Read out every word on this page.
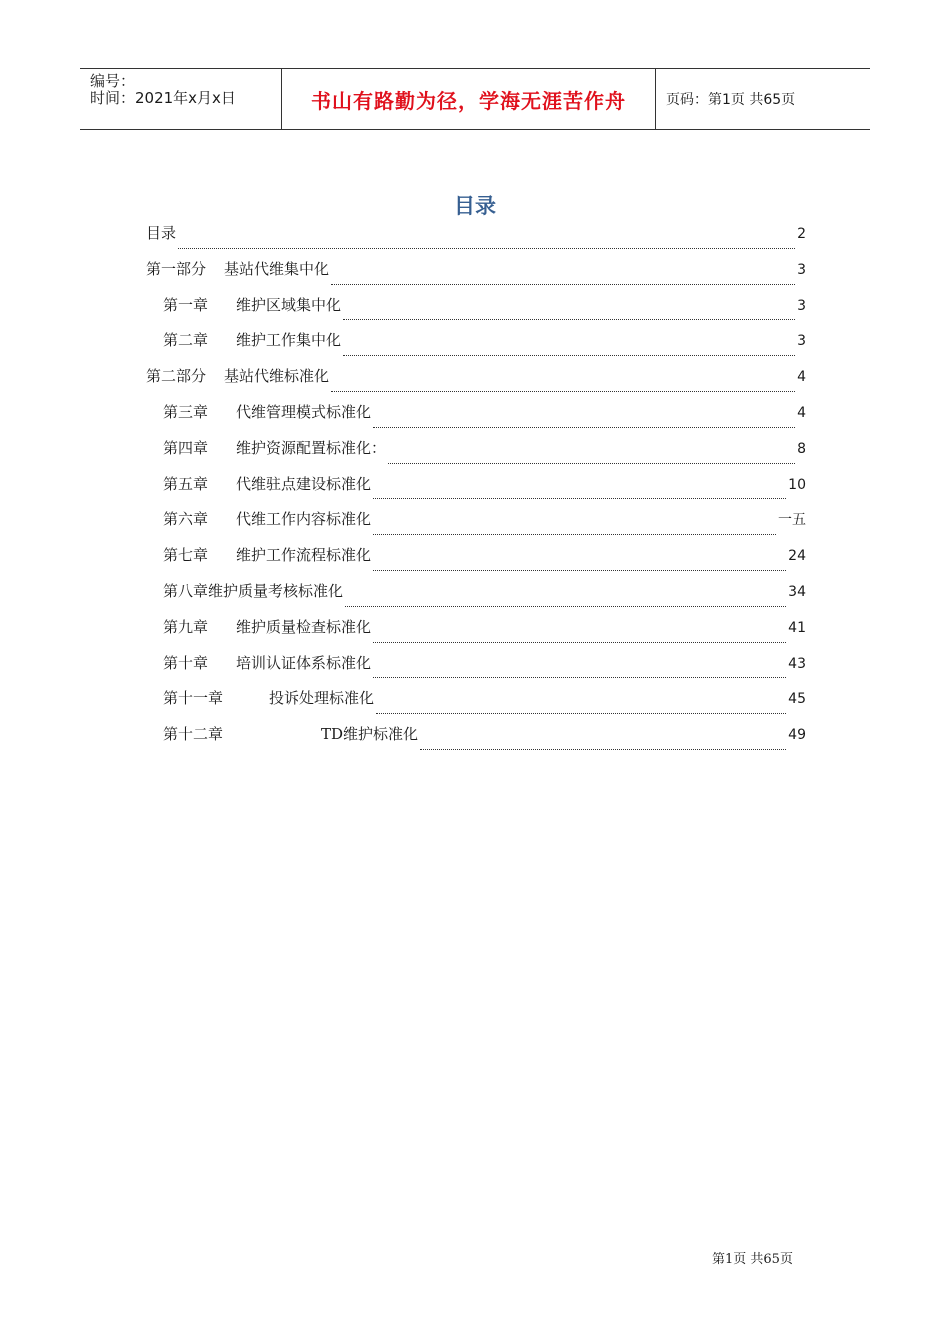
编号：
时间：2021年x月x日	书山有路勤为径，学海无涯苦作舟	页码：第1页 共65页
目录
目录	2
第一部分 基站代维集中化	3
第一章 维护区域集中化	3
第二章 维护工作集中化	3
第二部分 基站代维标准化	4
第三章 代维管理模式标准化	4
第四章 维护资源配置标准化：	8
第五章 代维驻点建设标准化	10
第六章 代维工作内容标准化	一五
第七章 维护工作流程标准化	24
第八章维护质量考核标准化	34
第九章 维护质量检查标准化	41
第十章 培训认证体系标准化	43
第十一章	投诉处理标准化	45
第十二章	TD维护标准化	49
第1页 共65页
